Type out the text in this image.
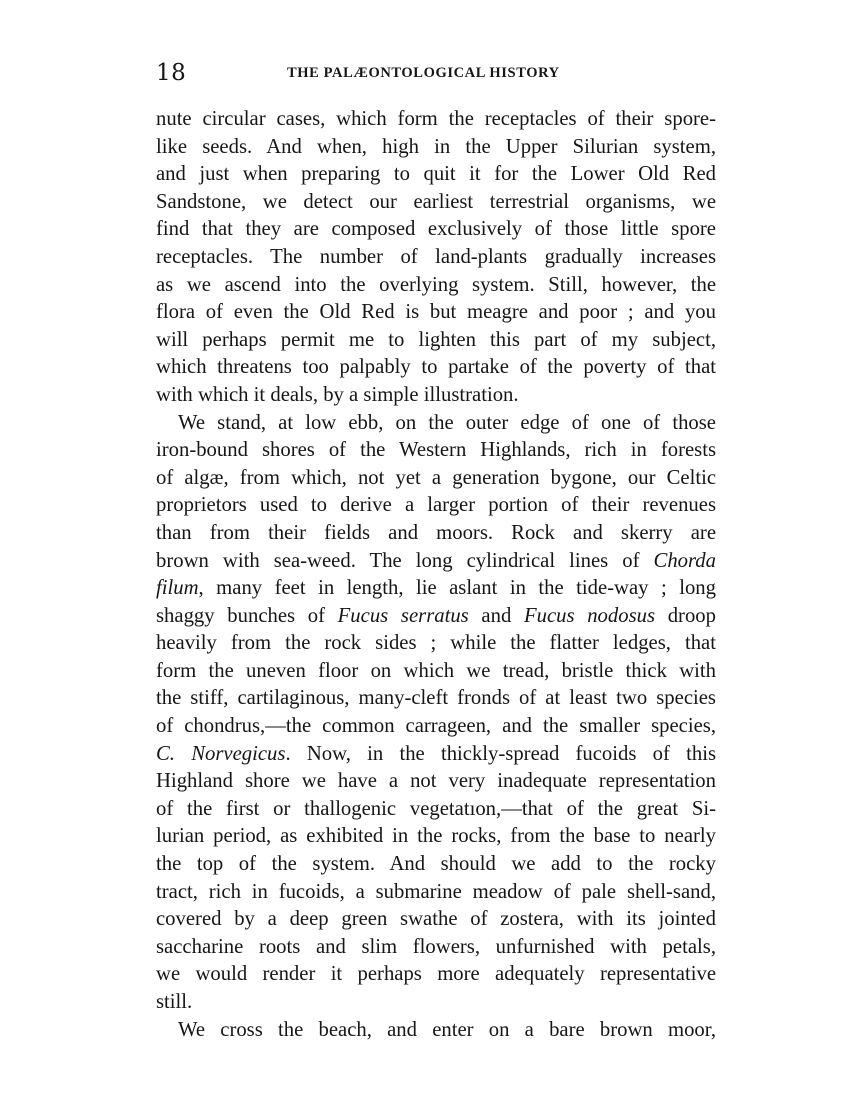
18	THE PALÆONTOLOGICAL HISTORY
nute circular cases, which form the receptacles of their spore-
like seeds. And when, high in the Upper Silurian system,
and just when preparing to quit it for the Lower Old Red
Sandstone, we detect our earliest terrestrial organisms, we
find that they are composed exclusively of those little spore
receptacles. The number of land-plants gradually increases
as we ascend into the overlying system. Still, however, the
flora of even the Old Red is but meagre and poor ; and you
will perhaps permit me to lighten this part of my subject,
which threatens too palpably to partake of the poverty of that
with which it deals, by a simple illustration.
We stand, at low ebb, on the outer edge of one of those
iron-bound shores of the Western Highlands, rich in forests
of algæ, from which, not yet a generation bygone, our Celtic
proprietors used to derive a larger portion of their revenues
than from their fields and moors. Rock and skerry are
brown with sea-weed. The long cylindrical lines of Chorda
filum, many feet in length, lie aslant in the tide-way ; long
shaggy bunches of Fucus serratus and Fucus nodosus droop
heavily from the rock sides ; while the flatter ledges, that
form the uneven floor on which we tread, bristle thick with
the stiff, cartilaginous, many-cleft fronds of at least two species
of chondrus,—the common carrageen, and the smaller species,
C. Norvegicus. Now, in the thickly-spread fucoids of this
Highland shore we have a not very inadequate representation
of the first or thallogenic vegetatıon,—that of the great Si-
lurian period, as exhibited in the rocks, from the base to nearly
the top of the system. And should we add to the rocky
tract, rich in fucoids, a submarine meadow of pale shell-sand,
covered by a deep green swathe of zostera, with its jointed
saccharine roots and slim flowers, unfurnished with petals,
we would render it perhaps more adequately representative
still.
We cross the beach, and enter on a bare brown moor,
